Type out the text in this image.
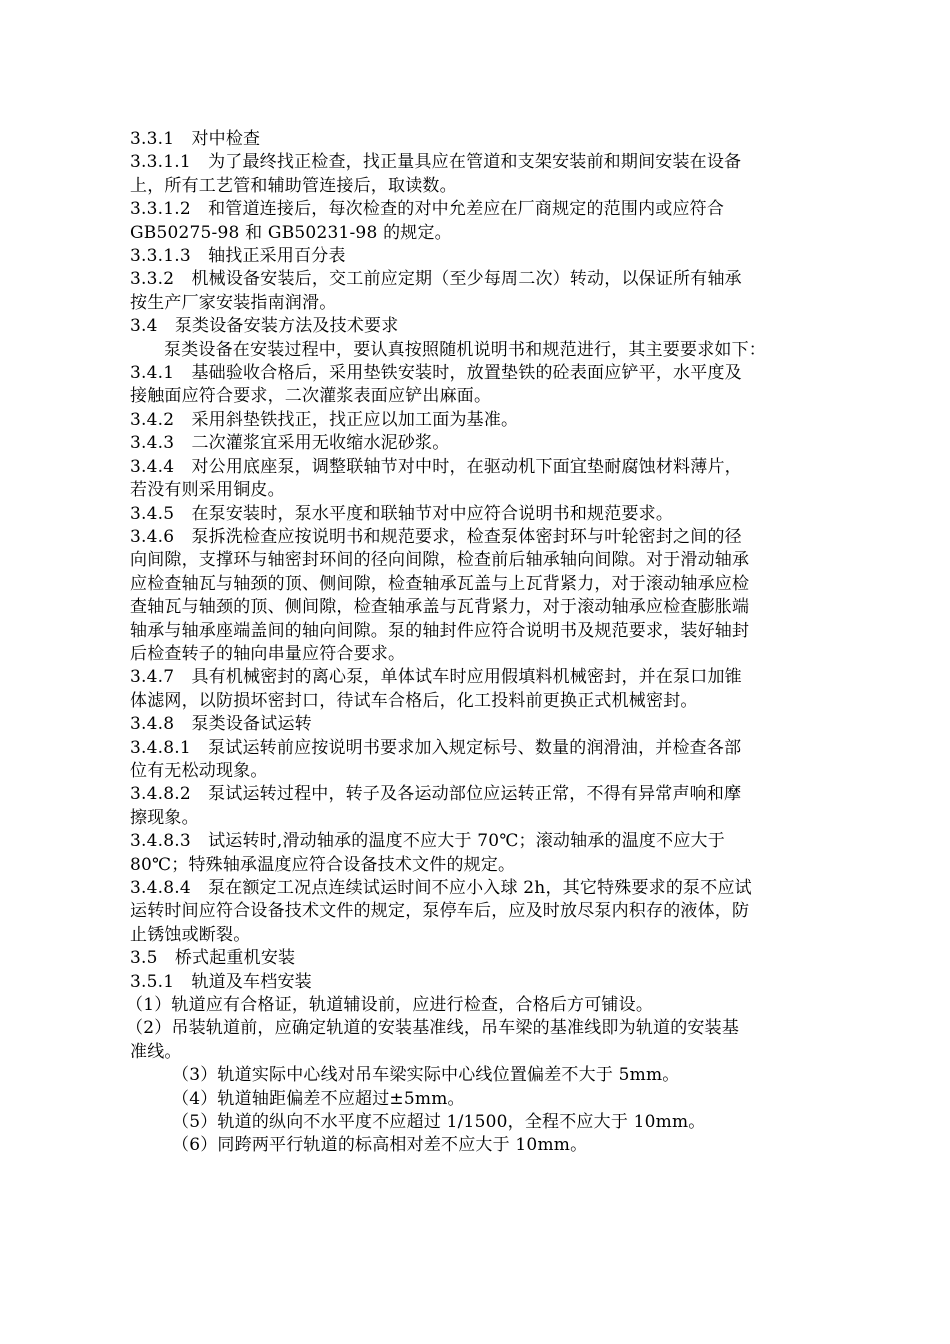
3.3.1　对中检查
3.3.1.1　为了最终找正检查，找正量具应在管道和支架安装前和期间安装在设备
上，所有工艺管和辅助管连接后，取读数。
3.3.1.2　和管道连接后，每次检查的对中允差应在厂商规定的范围内或应符合
GB50275-98 和 GB50231-98 的规定。
3.3.1.3　轴找正采用百分表
3.3.2　机械设备安装后，交工前应定期（至少每周二次）转动，以保证所有轴承
按生产厂家安装指南润滑。
3.4　泵类设备安装方法及技术要求
泵类设备在安装过程中，要认真按照随机说明书和规范进行，其主要要求如下：
3.4.1　基础验收合格后，采用垫铁安装时，放置垫铁的砼表面应铲平，水平度及
接触面应符合要求，二次灌浆表面应铲出麻面。
3.4.2　采用斜垫铁找正，找正应以加工面为基准。
3.4.3　二次灌浆宜采用无收缩水泥砂浆。
3.4.4　对公用底座泵，调整联轴节对中时，在驱动机下面宜垫耐腐蚀材料薄片，
若没有则采用铜皮。
3.4.5　在泵安装时，泵水平度和联轴节对中应符合说明书和规范要求。
3.4.6　泵拆洗检查应按说明书和规范要求，检查泵体密封环与叶轮密封之间的径
向间隙，支撑环与轴密封环间的径向间隙，检查前后轴承轴向间隙。对于滑动轴承
应检查轴瓦与轴颈的顶、侧间隙，检查轴承瓦盖与上瓦背紧力，对于滚动轴承应检
查轴瓦与轴颈的顶、侧间隙，检查轴承盖与瓦背紧力，对于滚动轴承应检查膨胀端
轴承与轴承座端盖间的轴向间隙。泵的轴封件应符合说明书及规范要求，装好轴封
后检查转子的轴向串量应符合要求。
3.4.7　具有机械密封的离心泵，单体试车时应用假填料机械密封，并在泵口加锥
体滤网，以防损坏密封口，待试车合格后，化工投料前更换正式机械密封。
3.4.8　泵类设备试运转
3.4.8.1　泵试运转前应按说明书要求加入规定标号、数量的润滑油，并检查各部
位有无松动现象。
3.4.8.2　泵试运转过程中，转子及各运动部位应运转正常，不得有异常声响和摩
擦现象。
3.4.8.3　试运转时,滑动轴承的温度不应大于 70℃；滚动轴承的温度不应大于
80℃；特殊轴承温度应符合设备技术文件的规定。
3.4.8.4　泵在额定工况点连续试运时间不应小入球 2h，其它特殊要求的泵不应试
运转时间应符合设备技术文件的规定，泵停车后，应及时放尽泵内积存的液体，防
止锈蚀或断裂。
3.5　桥式起重机安装
3.5.1　轨道及车档安装
（1）轨道应有合格证，轨道辅设前，应进行检查，合格后方可铺设。
（2）吊装轨道前，应确定轨道的安装基准线，吊车梁的基准线即为轨道的安装基
准线。
（3）轨道实际中心线对吊车梁实际中心线位置偏差不大于 5mm。
（4）轨道轴距偏差不应超过±5mm。
（5）轨道的纵向不水平度不应超过 1/1500，全程不应大于 10mm。
（6）同跨两平行轨道的标高相对差不应大于 10mm。
